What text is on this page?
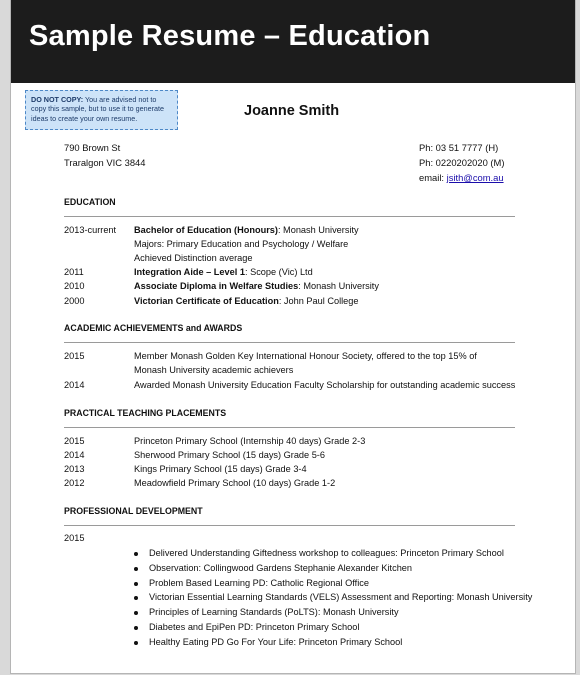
Sample Resume – Education
DO NOT COPY: You are advised not to copy this sample, but to use it to generate ideas to create your own resume.	Joanne Smith
790 Brown St
Traralgon VIC 3844
Ph: 03 51 7777 (H)
Ph: 0220202020 (M)
email: jsith@com.au
EDUCATION
2013-current Bachelor of Education (Honours): Monash University
Majors: Primary Education and Psychology / Welfare
Achieved Distinction average
2011	Integration Aide – Level 1: Scope (Vic) Ltd
2010	Associate Diploma in Welfare Studies: Monash University
2000	Victorian Certificate of Education: John Paul College
ACADEMIC ACHIEVEMENTS and AWARDS
2015	Member Monash Golden Key International Honour Society, offered to the top 15% of
Monash University academic achievers
2014	Awarded Monash University Education Faculty Scholarship for outstanding academic success
PRACTICAL TEACHING PLACEMENTS
2015	Princeton Primary School (Internship 40 days) Grade 2-3
2014	Sherwood Primary School (15 days) Grade 5-6
2013	Kings Primary School (15 days) Grade 3-4
2012	Meadowfield Primary School (10 days) Grade 1-2
PROFESSIONAL DEVELOPMENT
2015
Delivered Understanding Giftedness workshop to colleagues: Princeton Primary School
Observation: Collingwood Gardens Stephanie Alexander Kitchen
Problem Based Learning PD: Catholic Regional Office
Victorian Essential Learning Standards (VELS) Assessment and Reporting: Monash University
Principles of Learning Standards (PoLTS): Monash University
Diabetes and EpiPen PD: Princeton Primary School
Healthy Eating PD Go For Your Life: Princeton Primary School
